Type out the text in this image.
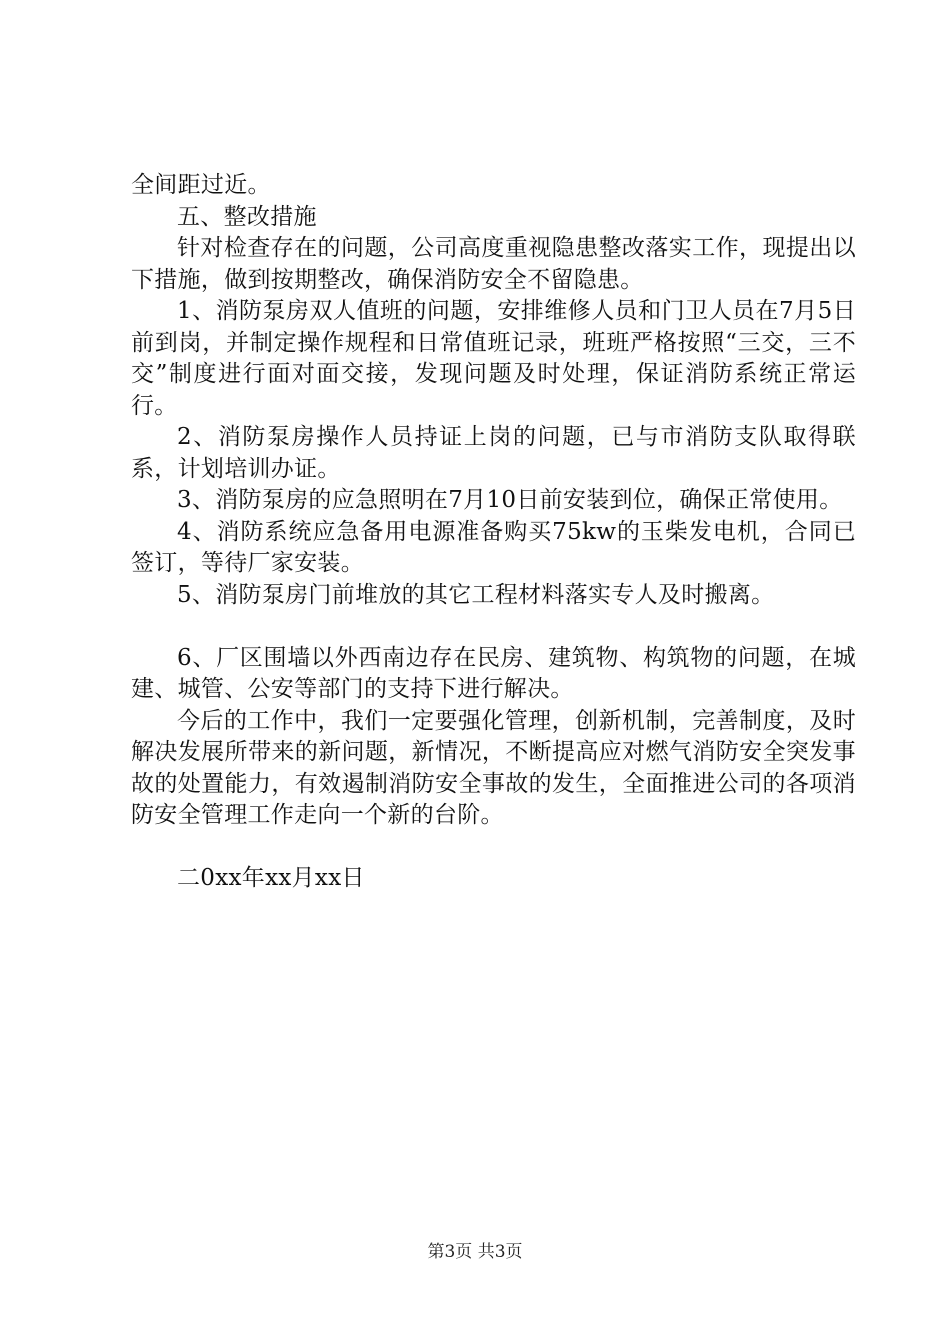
全间距过近。

五、整改措施

针对检查存在的问题，公司高度重视隐患整改落实工作，现提出以下措施，做到按期整改，确保消防安全不留隐患。

1、消防泵房双人值班的问题，安排维修人员和门卫人员在7月5日前到岗，并制定操作规程和日常值班记录，班班严格按照“三交，三不交”制度进行面对面交接，发现问题及时处理，保证消防系统正常运行。

2、消防泵房操作人员持证上岗的问题，已与市消防支队取得联系，计划培训办证。

3、消防泵房的应急照明在7月10日前安装到位，确保正常使用。

4、消防系统应急备用电源准备购买75kw的玉柴发电机，合同已签订，等待厂家安装。

5、消防泵房门前堆放的其它工程材料落实专人及时搬离。

6、厂区围墙以外西南边存在民房、建筑物、构筑物的问题，在城建、城管、公安等部门的支持下进行解决。

今后的工作中，我们一定要强化管理，创新机制，完善制度，及时解决发展所带来的新问题，新情况，不断提高应对燃气消防安全突发事故的处置能力，有效遏制消防安全事故的发生，全面推进公司的各项消防安全管理工作走向一个新的台阶。

二0xx年xx月xx日

第3页 共3页
